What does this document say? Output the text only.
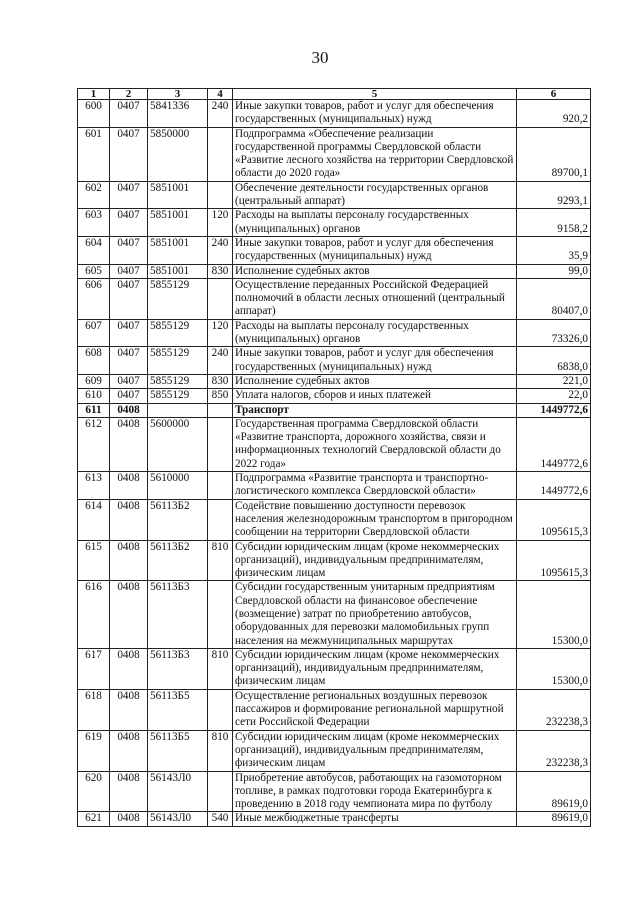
30
1	2	3	4	5	6
600	0407	5841336	240	Иные закупки товаров, работ и услуг для обеспечения государственных (муниципальных) нужд	920,2
601	0407	5850000		Подпрограмма «Обеспечение реализации государственной программы Свердловской области «Развитие лесного хозяйства на территории Свердловской области до 2020 года»	89700,1
602	0407	5851001		Обеспечение деятельности государственных органов (центральный аппарат)	9293,1
603	0407	5851001	120	Расходы на выплаты персоналу государственных (муниципальных) органов	9158,2
604	0407	5851001	240	Иные закупки товаров, работ и услуг для обеспечения государственных (муниципальных) нужд	35,9
605	0407	5851001	830	Исполнение судебных актов	99,0
606	0407	5855129		Осуществление переданных Российской Федерацией полномочий в области лесных отношений (центральный аппарат)	80407,0
607	0407	5855129	120	Расходы на выплаты персоналу государственных (муниципальных) органов	73326,0
608	0407	5855129	240	Иные закупки товаров, работ и услуг для обеспечения государственных (муниципальных) нужд	6838,0
609	0407	5855129	830	Исполнение судебных актов	221,0
610	0407	5855129	850	Уплата налогов, сборов и иных платежей	22,0
611	0408			Транспорт	1449772,6
612	0408	5600000		Государственная программа Свердловской области «Развитие транспорта, дорожного хозяйства, связи и информационных технологий Свердловской области до 2022 года»	1449772,6
613	0408	5610000		Подпрограмма «Развитие транспорта и транспортно-логистического комплекса Свердловской области»	1449772,6
614	0408	56113Б2		Содействие повышению доступности перевозок населения железнодорожным транспортом в пригородном сообщении на территории Свердловской области	1095615,3
615	0408	56113Б2	810	Субсидии юридическим лицам (кроме некоммерческих организаций), индивидуальным предпринимателям, физическим лицам	1095615,3
616	0408	56113Б3		Субсидии государственным унитарным предприятиям Свердловской области на финансовое обеспечение (возмещение) затрат по приобретению автобусов, оборудованных для перевозки маломобильных групп населения на межмуниципальных маршрутах	15300,0
617	0408	56113Б3	810	Субсидии юридическим лицам (кроме некоммерческих организаций), индивидуальным предпринимателям, физическим лицам	15300,0
618	0408	56113Б5		Осуществление региональных воздушных перевозок пассажиров и формирование региональной маршрутной сети Российской Федерации	232238,3
619	0408	56113Б5	810	Субсидии юридическим лицам (кроме некоммерческих организаций), индивидуальным предпринимателям, физическим лицам	232238,3
620	0408	56143Л0		Приобретение автобусов, работающих на газомоторном топливе, в рамках подготовки города Екатеринбурга к проведению в 2018 году чемпионата мира по футболу	89619,0
621	0408	56143Л0	540	Иные межбюджетные трансферты	89619,0
